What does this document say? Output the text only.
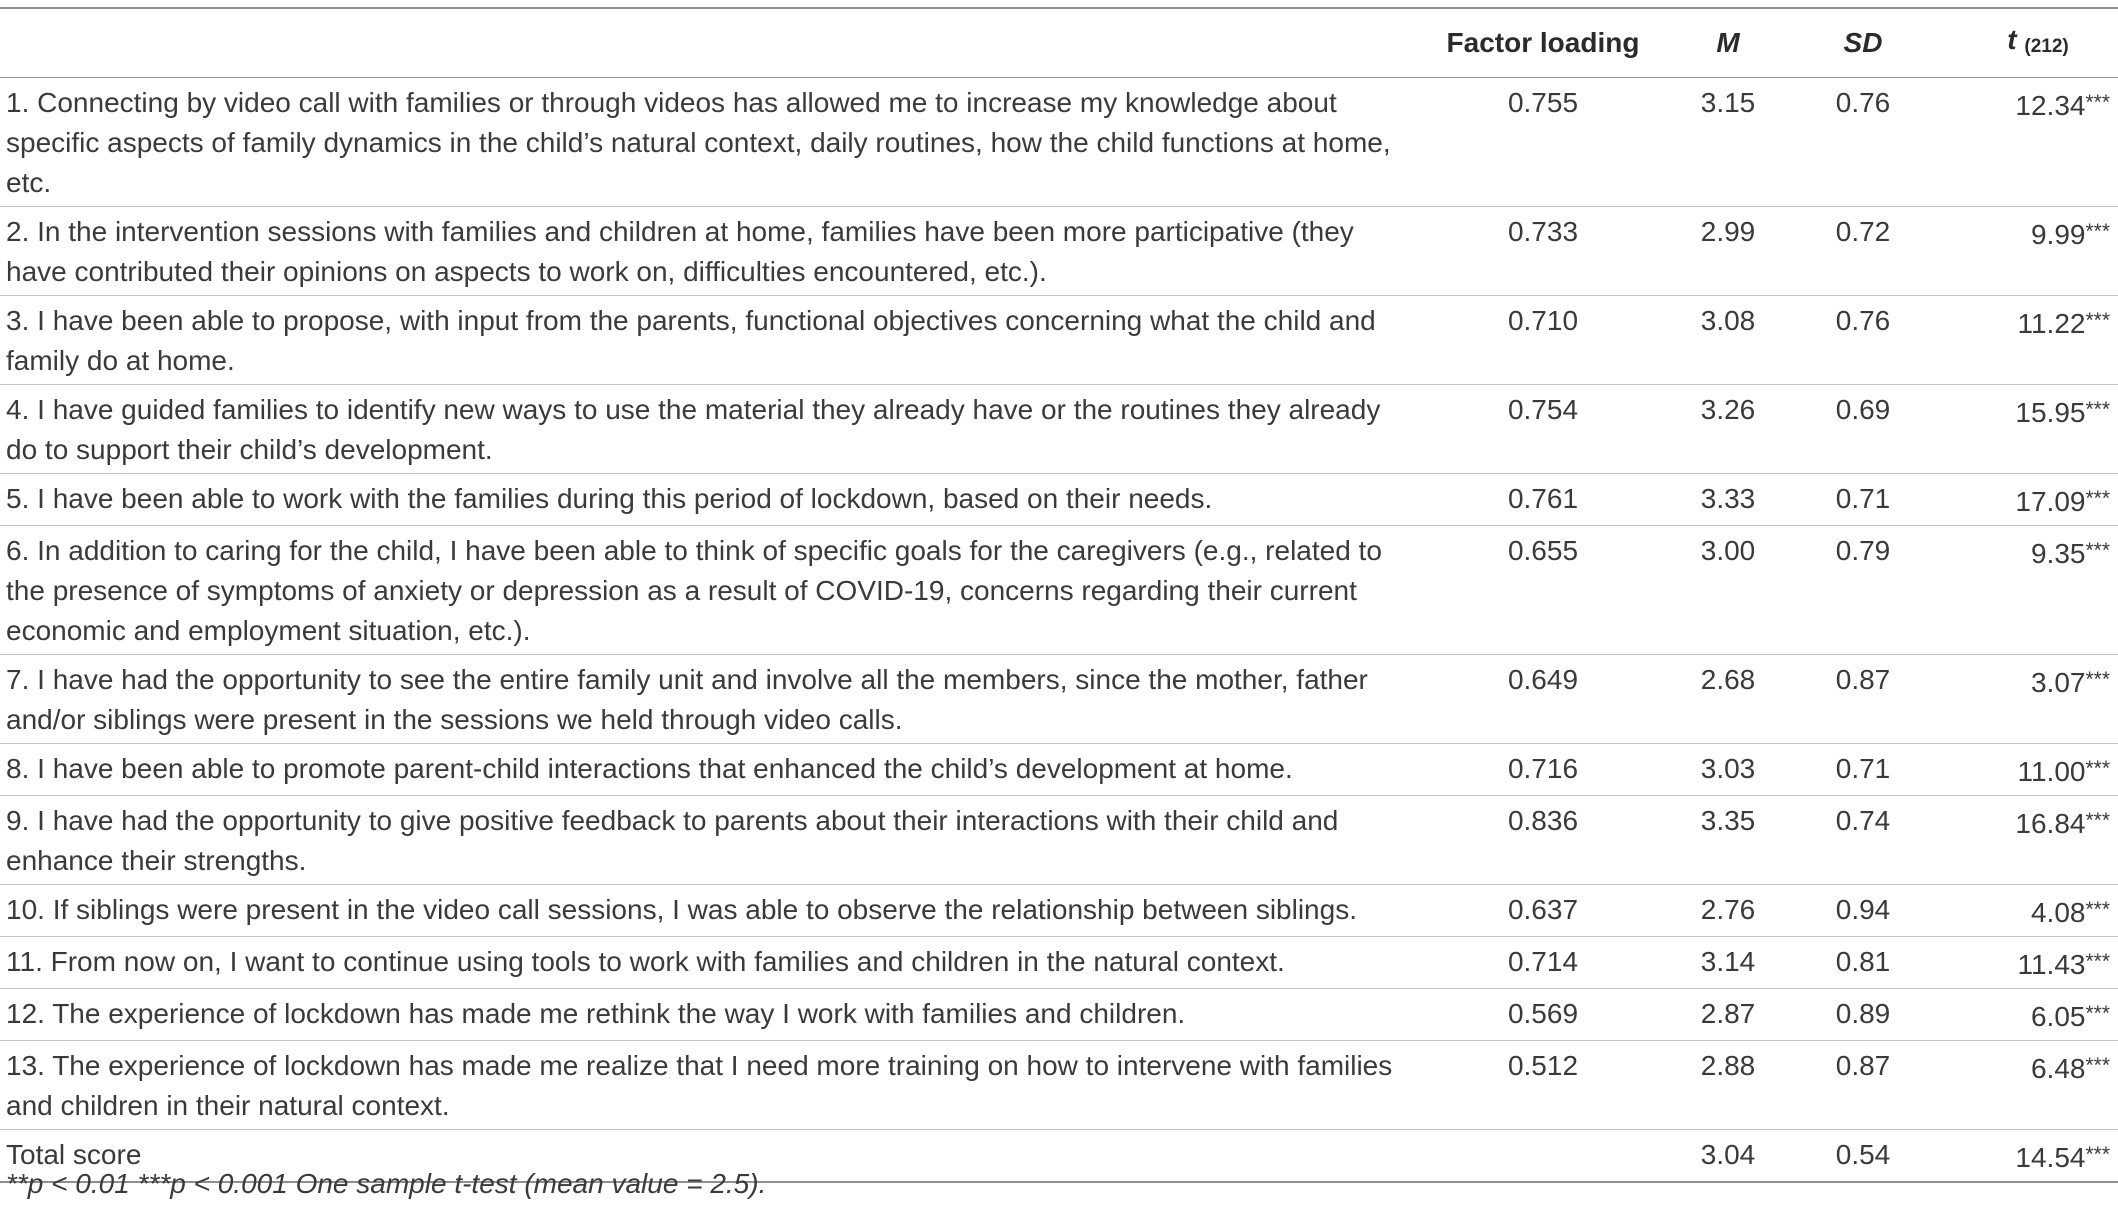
	Factor loading	M	SD	t (212)
1. Connecting by video call with families or through videos has allowed me to increase my knowledge about specific aspects of family dynamics in the child’s natural context, daily routines, how the child functions at home, etc.	0.755	3.15	0.76	12.34***
2. In the intervention sessions with families and children at home, families have been more participative (they have contributed their opinions on aspects to work on, difficulties encountered, etc.).	0.733	2.99	0.72	9.99***
3. I have been able to propose, with input from the parents, functional objectives concerning what the child and family do at home.	0.710	3.08	0.76	11.22***
4. I have guided families to identify new ways to use the material they already have or the routines they already do to support their child’s development.	0.754	3.26	0.69	15.95***
5. I have been able to work with the families during this period of lockdown, based on their needs.	0.761	3.33	0.71	17.09***
6. In addition to caring for the child, I have been able to think of specific goals for the caregivers (e.g., related to the presence of symptoms of anxiety or depression as a result of COVID-19, concerns regarding their current economic and employment situation, etc.).	0.655	3.00	0.79	9.35***
7. I have had the opportunity to see the entire family unit and involve all the members, since the mother, father and/or siblings were present in the sessions we held through video calls.	0.649	2.68	0.87	3.07***
8. I have been able to promote parent-child interactions that enhanced the child’s development at home.	0.716	3.03	0.71	11.00***
9. I have had the opportunity to give positive feedback to parents about their interactions with their child and enhance their strengths.	0.836	3.35	0.74	16.84***
10. If siblings were present in the video call sessions, I was able to observe the relationship between siblings.	0.637	2.76	0.94	4.08***
11. From now on, I want to continue using tools to work with families and children in the natural context.	0.714	3.14	0.81	11.43***
12. The experience of lockdown has made me rethink the way I work with families and children.	0.569	2.87	0.89	6.05***
13. The experience of lockdown has made me realize that I need more training on how to intervene with families and children in their natural context.	0.512	2.88	0.87	6.48***
Total score		3.04	0.54	14.54***
**p < 0.01 ***p < 0.001 One sample t-test (mean value = 2.5).
